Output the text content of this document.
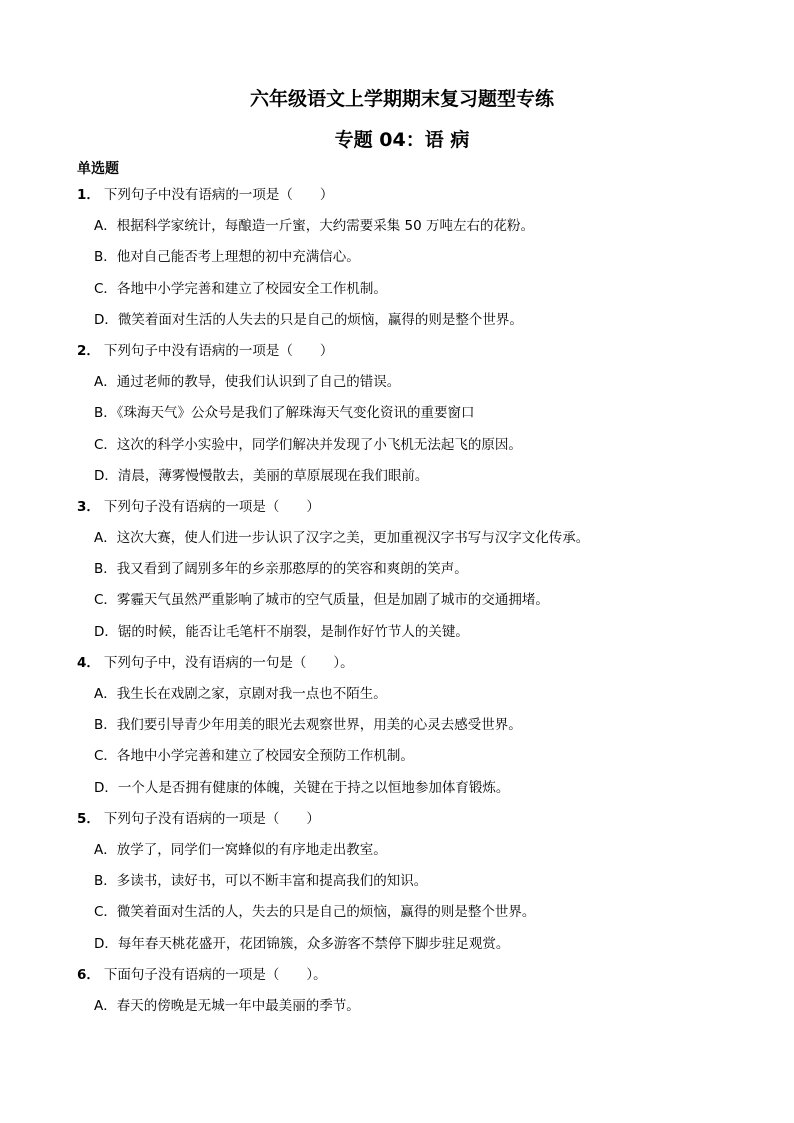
六年级语文上学期期末复习题型专练
专题 04：语 病
单选题
1． 下列句子中没有语病的一项是（　　）
A．根据科学家统计，每酿造一斤蜜，大约需要采集 50 万吨左右的花粉。
B．他对自己能否考上理想的初中充满信心。
C．各地中小学完善和建立了校园安全工作机制。
D．微笑着面对生活的人失去的只是自己的烦恼，赢得的则是整个世界。
2． 下列句子中没有语病的一项是（　　）
A．通过老师的教导，使我们认识到了自己的错误。
B．《珠海天气》公众号是我们了解珠海天气变化资讯的重要窗口
C．这次的科学小实验中，同学们解决并发现了小飞机无法起飞的原因。
D．清晨，薄雾慢慢散去，美丽的草原展现在我们眼前。
3． 下列句子没有语病的一项是（　　）
A．这次大赛，使人们进一步认识了汉字之美，更加重视汉字书写与汉字文化传承。
B．我又看到了阔别多年的乡亲那憨厚的的笑容和爽朗的笑声。
C．雾霾天气虽然严重影响了城市的空气质量，但是加剧了城市的交通拥堵。
D．锯的时候，能否让毛笔杆不崩裂，是制作好竹节人的关键。
4． 下列句子中，没有语病的一句是（　　）。
A．我生长在戏剧之家，京剧对我一点也不陌生。
B．我们要引导青少年用美的眼光去观察世界，用美的心灵去感受世界。
C．各地中小学完善和建立了校园安全预防工作机制。
D．一个人是否拥有健康的体魄，关键在于持之以恒地参加体育锻炼。
5． 下列句子没有语病的一项是（　　）
A．放学了，同学们一窝蜂似的有序地走出教室。
B．多读书，读好书，可以不断丰富和提高我们的知识。
C．微笑着面对生活的人，失去的只是自己的烦恼，赢得的则是整个世界。
D．每年春天桃花盛开，花团锦簇，众多游客不禁停下脚步驻足观赏。
6． 下面句子没有语病的一项是（　　）。
A．春天的傍晚是无城一年中最美丽的季节。
